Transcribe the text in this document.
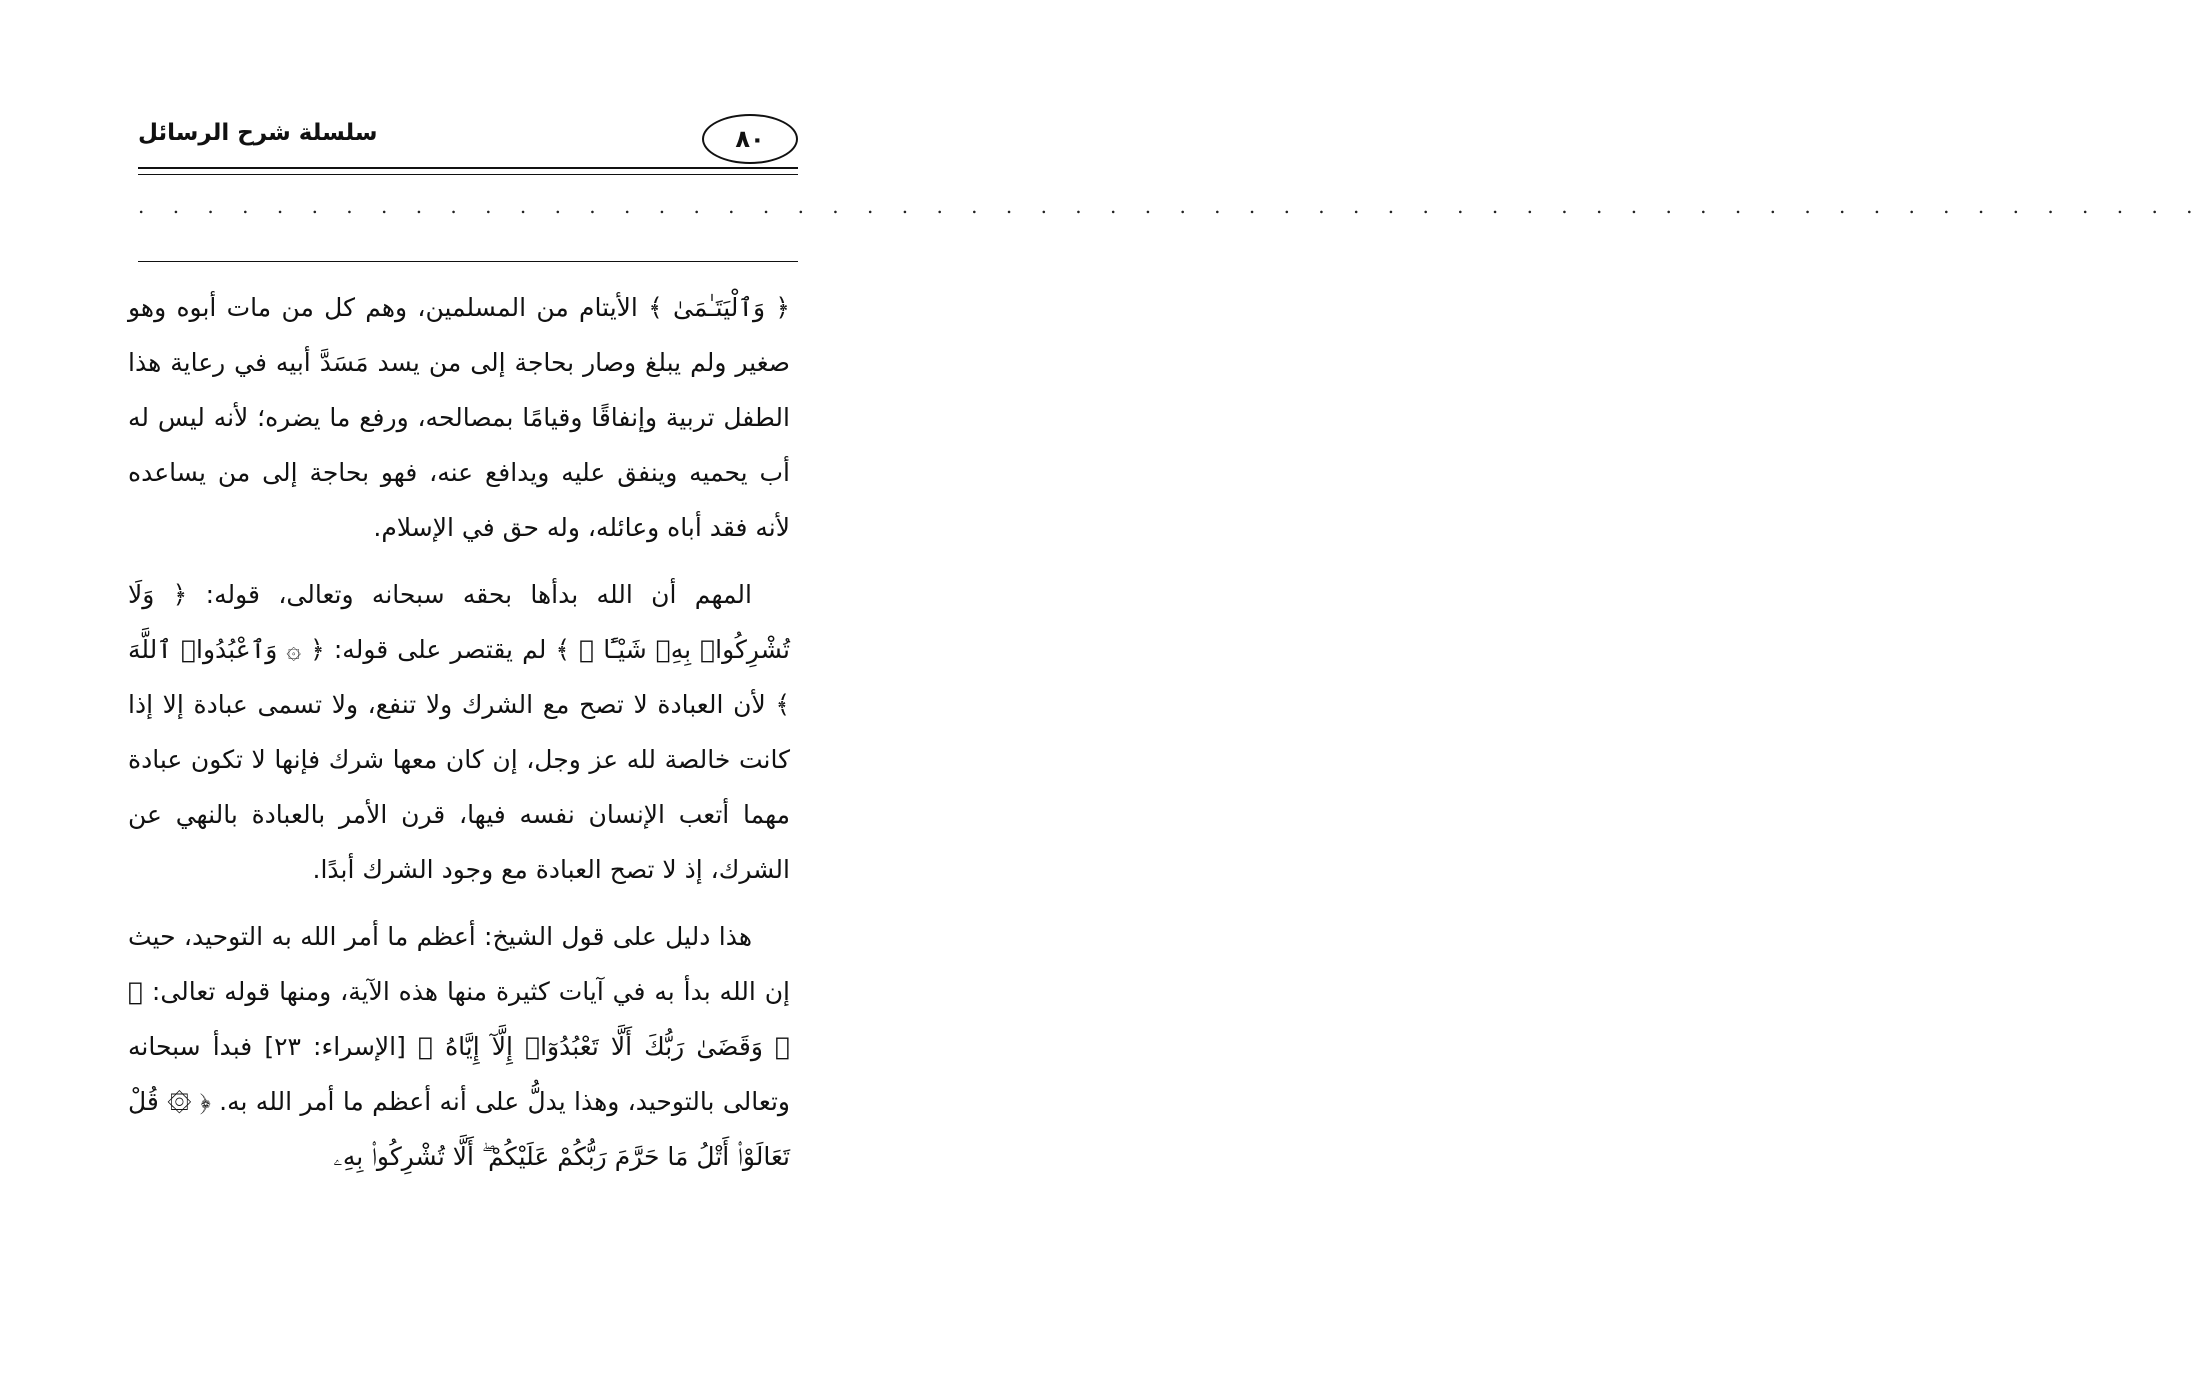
٨٠
سلسلة شرح الرسائل
. . . . . . . . . . . . . . . . . . . . . . . . . . . . . . . . . . . . . . . . . . . . . . . . . . . . . . . . . . . .

﴿ وَٱلْيَتَـٰمَىٰ ﴾ الأيتام من المسلمين، وهم كل من مات أبوه وهو صغير ولم يبلغ وصار بحاجة إلى من يسد مَسَدَّ أبيه في رعاية هذا الطفل تربية وإنفاقًا وقيامًا بمصالحه، ورفع ما يضره؛ لأنه ليس له أب يحميه وينفق عليه ويدافع عنه، فهو بحاجة إلى من يساعده لأنه فقد أباه وعائله، وله حق في الإسلام.

المهم أن الله بدأها بحقه سبحانه وتعالى، قوله: ﴿ وَلَا تُشْرِكُوا۟ بِهِۦ شَيْـًٔا ۖ ﴾ لم يقتصر على قوله: ﴿ ۞ وَٱعْبُدُوا۟ ٱللَّهَ ﴾ لأن العبادة لا تصح مع الشرك ولا تنفع، ولا تسمى عبادة إلا إذا كانت خالصة لله عز وجل، إن كان معها شرك فإنها لا تكون عبادة مهما أتعب الإنسان نفسه فيها، قرن الأمر بالعبادة بالنهي عن الشرك، إذ لا تصح العبادة مع وجود الشرك أبدًا.

هذا دليل على قول الشيخ: أعظم ما أمر الله به التوحيد، حيث إن الله بدأ به في آيات كثيرة منها هذه الآية، ومنها قوله تعالى: ﴿ ۞ وَقَضَىٰ رَبُّكَ أَلَّا تَعْبُدُوٓا۟ إِلَّآ إِيَّاهُ ﴾ [الإسراء: ٢٣] فبدأ سبحانه وتعالى بالتوحيد، وهذا يدلُّ على أنه أعظم ما أمر الله به. ﴿ ۞ قُلْ تَعَالَوْا۟ أَتْلُ مَا حَرَّمَ رَبُّكُمْ عَلَيْكُمْ ۖ أَلَّا تُشْرِكُوا۟ بِهِۦ
